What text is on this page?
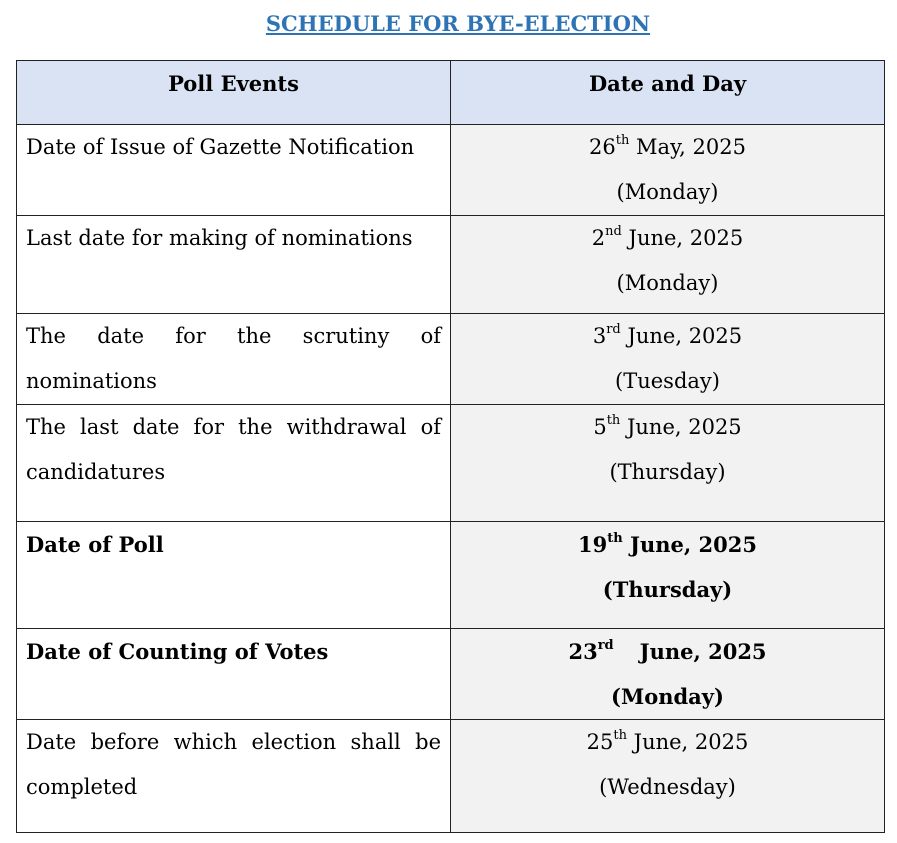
SCHEDULE FOR BYE-ELECTION
Poll Events	Date and Day
Date of Issue of Gazette Notification	26th May, 2025
(Monday)

Last date for making of nominations	2nd June, 2025
(Monday)

The date for the scrutiny of nominations	3rd June, 2025
(Tuesday)

The last date for the withdrawal of candidatures	5th June, 2025
(Thursday)

Date of Poll	19th June, 2025
(Thursday)

Date of Counting of Votes	23rd June, 2025
(Monday)

Date before which election shall be completed	25th June, 2025
(Wednesday)
